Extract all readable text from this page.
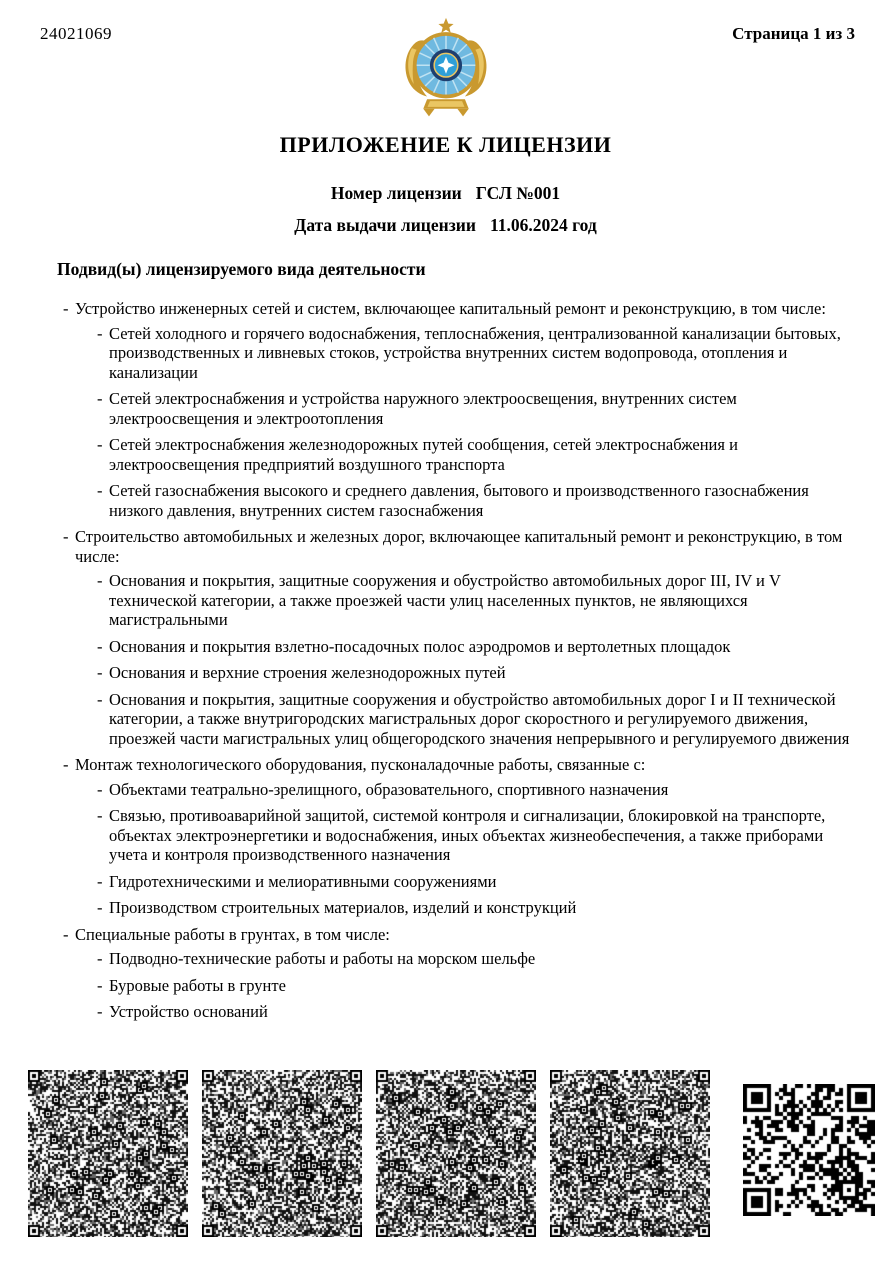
24021069	Страница 1 из 3
ПРИЛОЖЕНИЕ К ЛИЦЕНЗИИ
Номер лицензии ГСЛ №001
Дата выдачи лицензии 11.06.2024 год
Подвид(ы) лицензируемого вида деятельности
- Устройство инженерных сетей и систем, включающее капитальный ремонт и реконструкцию, в том числе:
- Сетей холодного и горячего водоснабжения, теплоснабжения, централизованной канализации бытовых, производственных и ливневых стоков, устройства внутренних систем водопровода, отопления и канализации
- Сетей электроснабжения и устройства наружного электроосвещения, внутренних систем электроосвещения и электроотопления
- Сетей электроснабжения железнодорожных путей сообщения, сетей электроснабжения и электроосвещения предприятий воздушного транспорта
- Сетей газоснабжения высокого и среднего давления, бытового и производственного газоснабжения низкого давления, внутренних систем газоснабжения
- Строительство автомобильных и железных дорог, включающее капитальный ремонт и реконструкцию, в том числе:
- Основания и покрытия, защитные сооружения и обустройство автомобильных дорог III, IV и V технической категории, а также проезжей части улиц населенных пунктов, не являющихся магистральными
- Основания и покрытия взлетно-посадочных полос аэродромов и вертолетных площадок
- Основания и верхние строения железнодорожных путей
- Основания и покрытия, защитные сооружения и обустройство автомобильных дорог I и II технической категории, а также внутригородских магистральных дорог скоростного и регулируемого движения, проезжей части магистральных улиц общегородского значения непрерывного и регулируемого движения
- Монтаж технологического оборудования, пусконаладочные работы, связанные с:
- Объектами театрально-зрелищного, образовательного, спортивного назначения
- Связью, противоаварийной защитой, системой контроля и сигнализации, блокировкой на транспорте, объектах электроэнергетики и водоснабжения, иных объектах жизнеобеспечения, а также приборами учета и контроля производственного назначения
- Гидротехническими и мелиоративными сооружениями
- Производством строительных материалов, изделий и конструкций
- Специальные работы в грунтах, в том числе:
- Подводно-технические работы и работы на морском шельфе
- Буровые работы в грунте
- Устройство оснований
